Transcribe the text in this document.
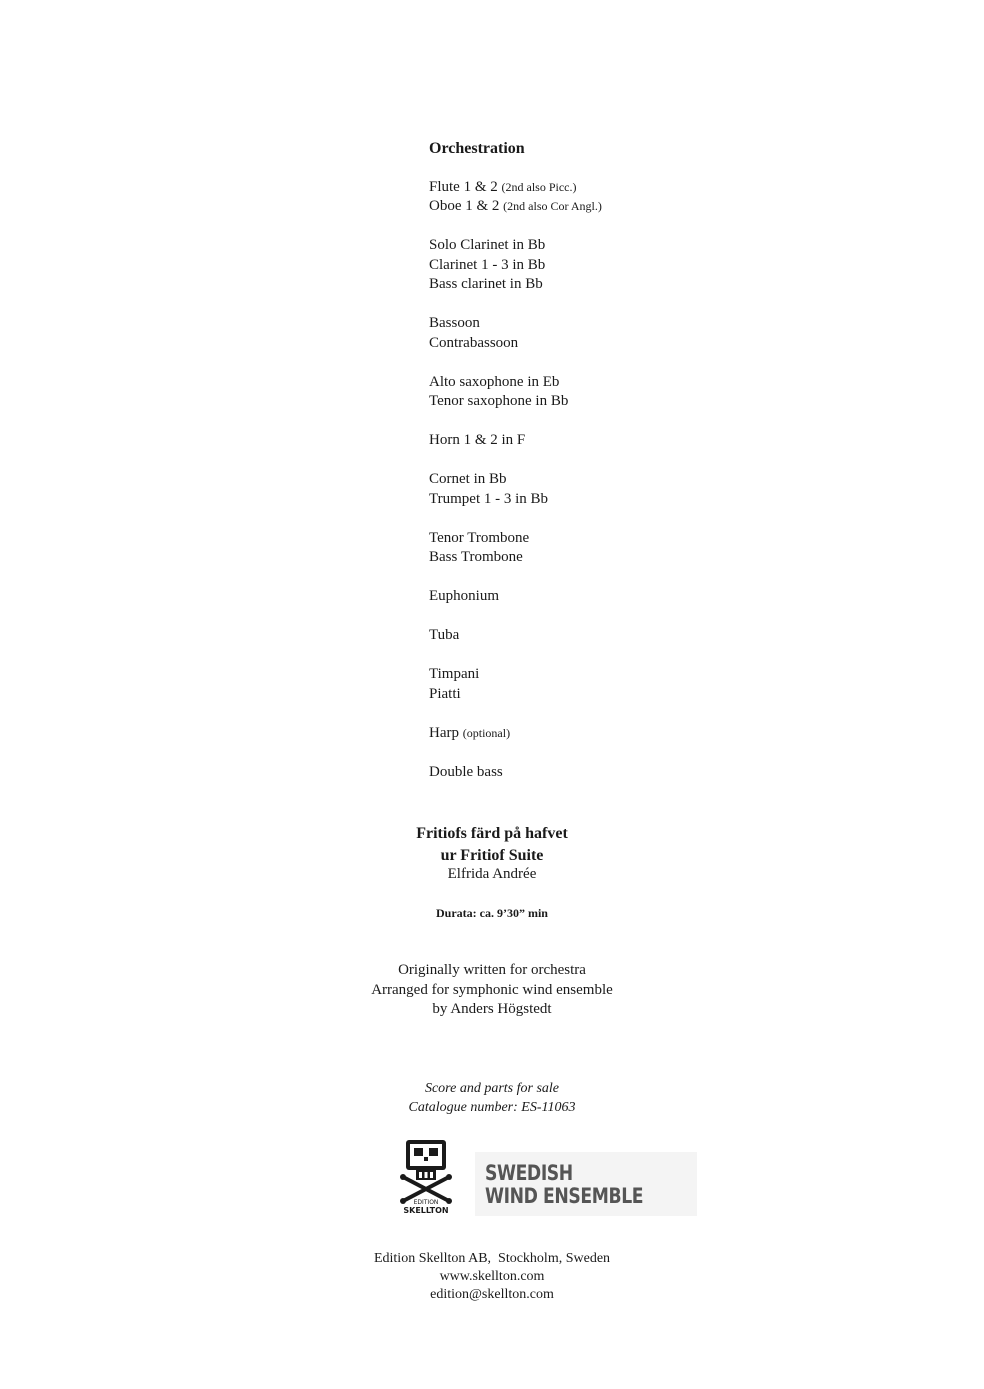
Orchestration
Flute 1 & 2 (2nd also Picc.)
Oboe 1 & 2 (2nd also Cor Angl.)
Solo Clarinet in Bb
Clarinet 1 - 3 in Bb
Bass clarinet in Bb
Bassoon
Contrabassoon
Alto saxophone in Eb
Tenor saxophone in Bb
Horn 1 & 2 in F
Cornet in Bb
Trumpet 1 - 3 in Bb
Tenor Trombone
Bass Trombone
Euphonium
Tuba
Timpani
Piatti
Harp (optional)
Double bass
Fritiofs färd på hafvet
ur Fritiof Suite
Elfrida Andrée
Durata: ca. 9’30” min
Originally written for orchestra
Arranged for symphonic wind ensemble
by Anders Högstedt
Score and parts for sale
Catalogue number: ES-11063
EDITION
SKELLTON
SWEDISH
WIND ENSEMBLE
Edition Skellton AB,  Stockholm, Sweden
www.skellton.com
edition@skellton.com
